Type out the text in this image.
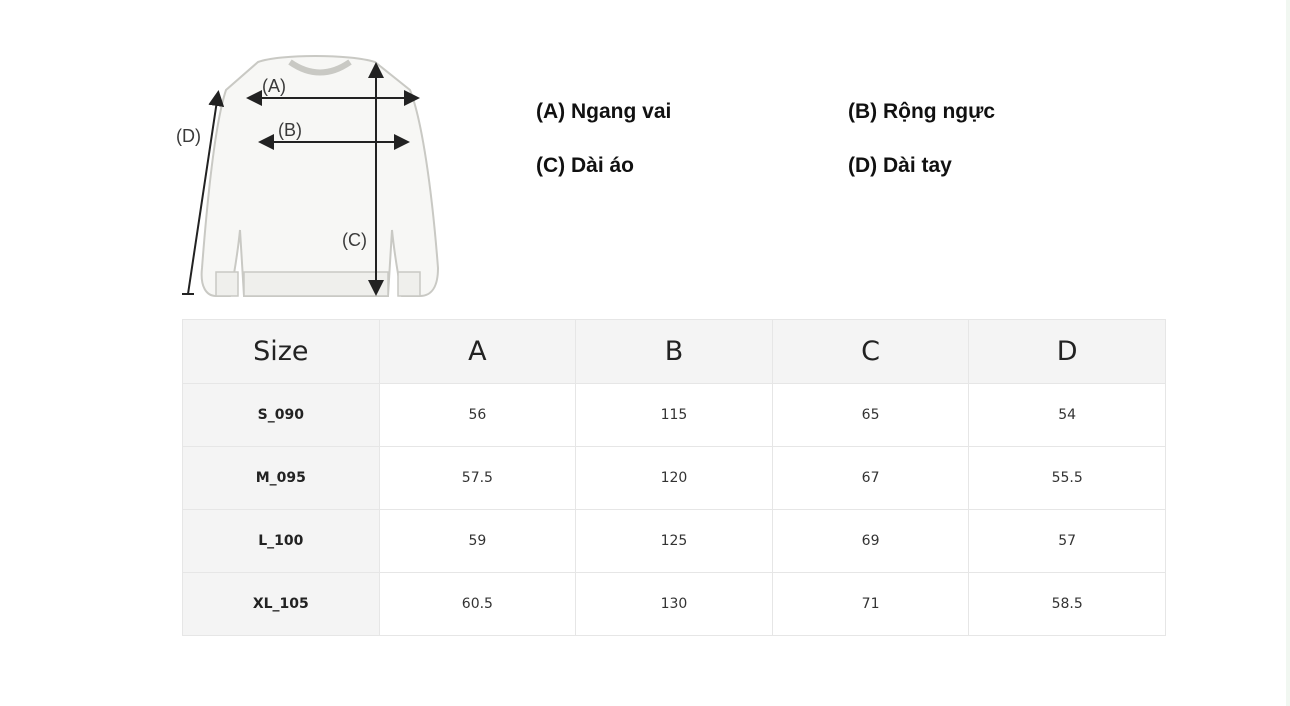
(A)
(B)
(C)
(D)
(A) Ngang vai	(B) Rộng ngực
(C) Dài áo	(D) Dài tay
Size	A	B	C	D
S_090	56	115	65	54
M_095	57.5	120	67	55.5
L_100	59	125	69	57
XL_105	60.5	130	71	58.5
